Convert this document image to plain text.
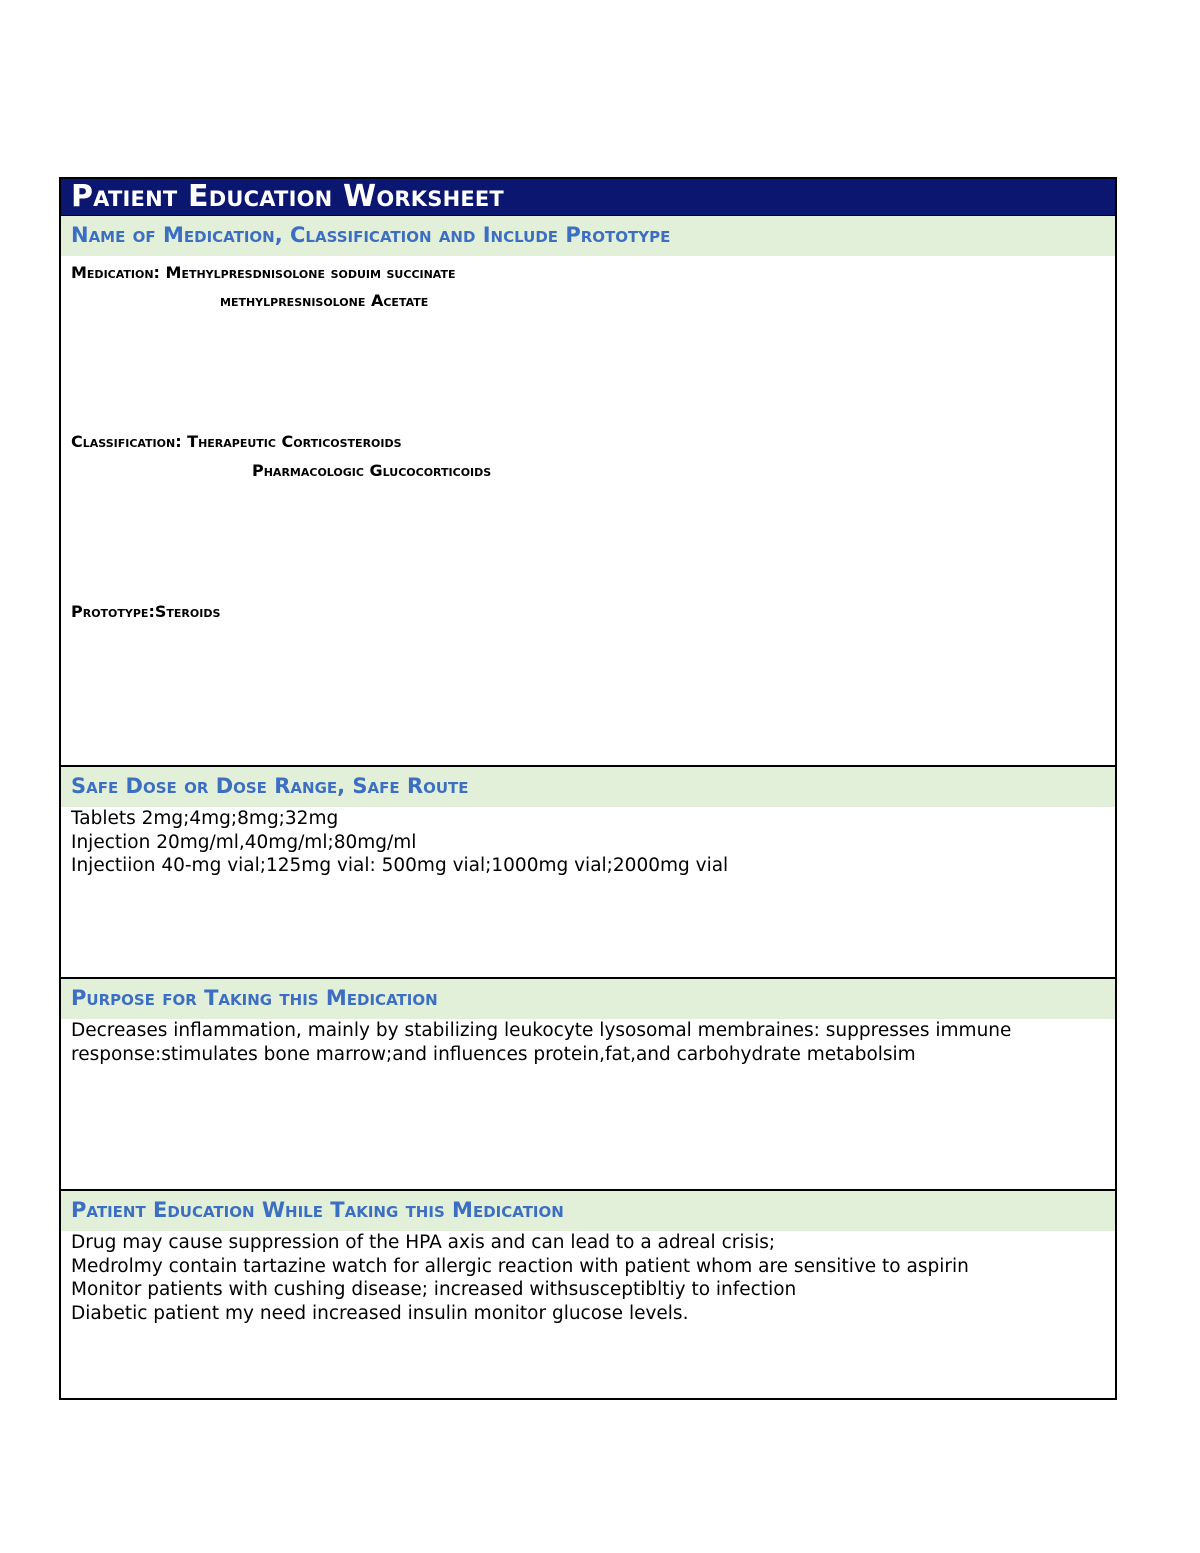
Patient Education Worksheet
Name of Medication, Classification and Include Prototype
Medication: Methylpresdnisolone soduim succinate
methylpresnisolone Acetate
Classification: Therapeutic Corticosteroids
Pharmacologic Glucocorticoids
Prototype:Steroids
Safe Dose or Dose Range, Safe Route
Tablets 2mg;4mg;8mg;32mg
Injection 20mg/ml,40mg/ml;80mg/ml
Injectiion 40-mg vial;125mg vial: 500mg vial;1000mg vial;2000mg vial
Purpose for Taking this Medication
Decreases inflammation, mainly by stabilizing leukocyte lysosomal membraines: suppresses immune
response:stimulates bone marrow;and influences protein,fat,and carbohydrate metabolsim
Patient Education While Taking this Medication
Drug may cause suppression of the HPA axis and can lead to a adreal crisis;
Medrolmy contain tartazine watch for allergic reaction with patient whom are sensitive to aspirin
Monitor patients with cushing disease; increased withsusceptibltiy to infection
Diabetic patient my need increased insulin monitor glucose levels.
